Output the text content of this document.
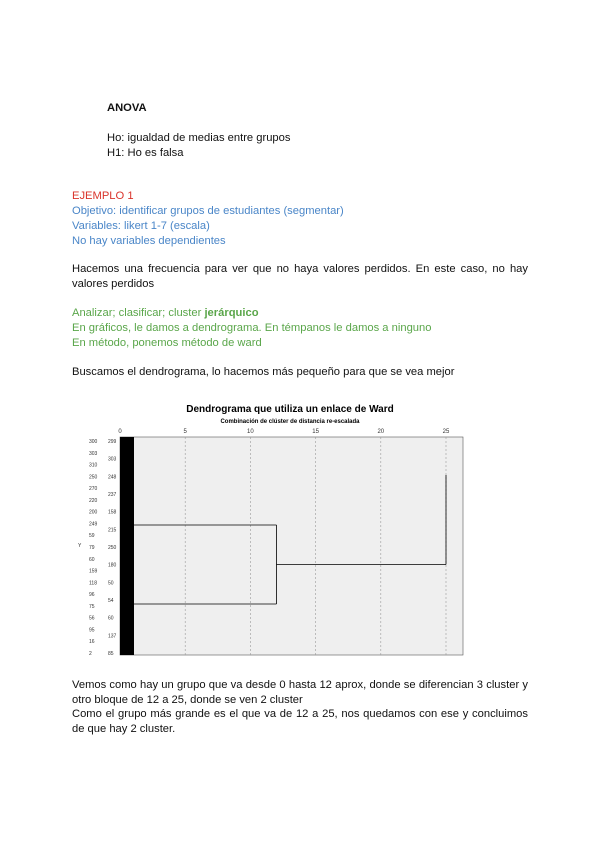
ANOVA

Ho: igualdad de medias entre grupos

H1: Ho es falsa

EJEMPLO 1

Objetivo: identificar grupos de estudiantes (segmentar)

Variables: likert 1-7 (escala)

No hay variables dependientes

Hacemos una frecuencia para ver que no haya valores perdidos. En este caso, no hay valores perdidos

Analizar; clasificar; cluster jerárquico

En gráficos, le damos a dendrograma. En témpanos le damos a ninguno

En método, ponemos método de ward

Buscamos el dendrograma, lo hacemos más pequeño para que se vea mejor

Dendrograma que utiliza un enlace de Ward
Combinación de clúster de distancia re-escalada
0	5	10	15	20	25
300
303
310
250
270
220
200
249
59
79
60
159
118
96
75
56
95
16
2
299
303
248
237
158
215
250
180
50
54
60
137
85
Y

Vemos como hay un grupo que va desde 0 hasta 12 aprox, donde se diferencian 3 cluster y otro bloque de 12 a 25, donde se ven 2 cluster

Como el grupo más grande es el que va de 12 a 25, nos quedamos con ese y concluimos de que hay 2 cluster.
